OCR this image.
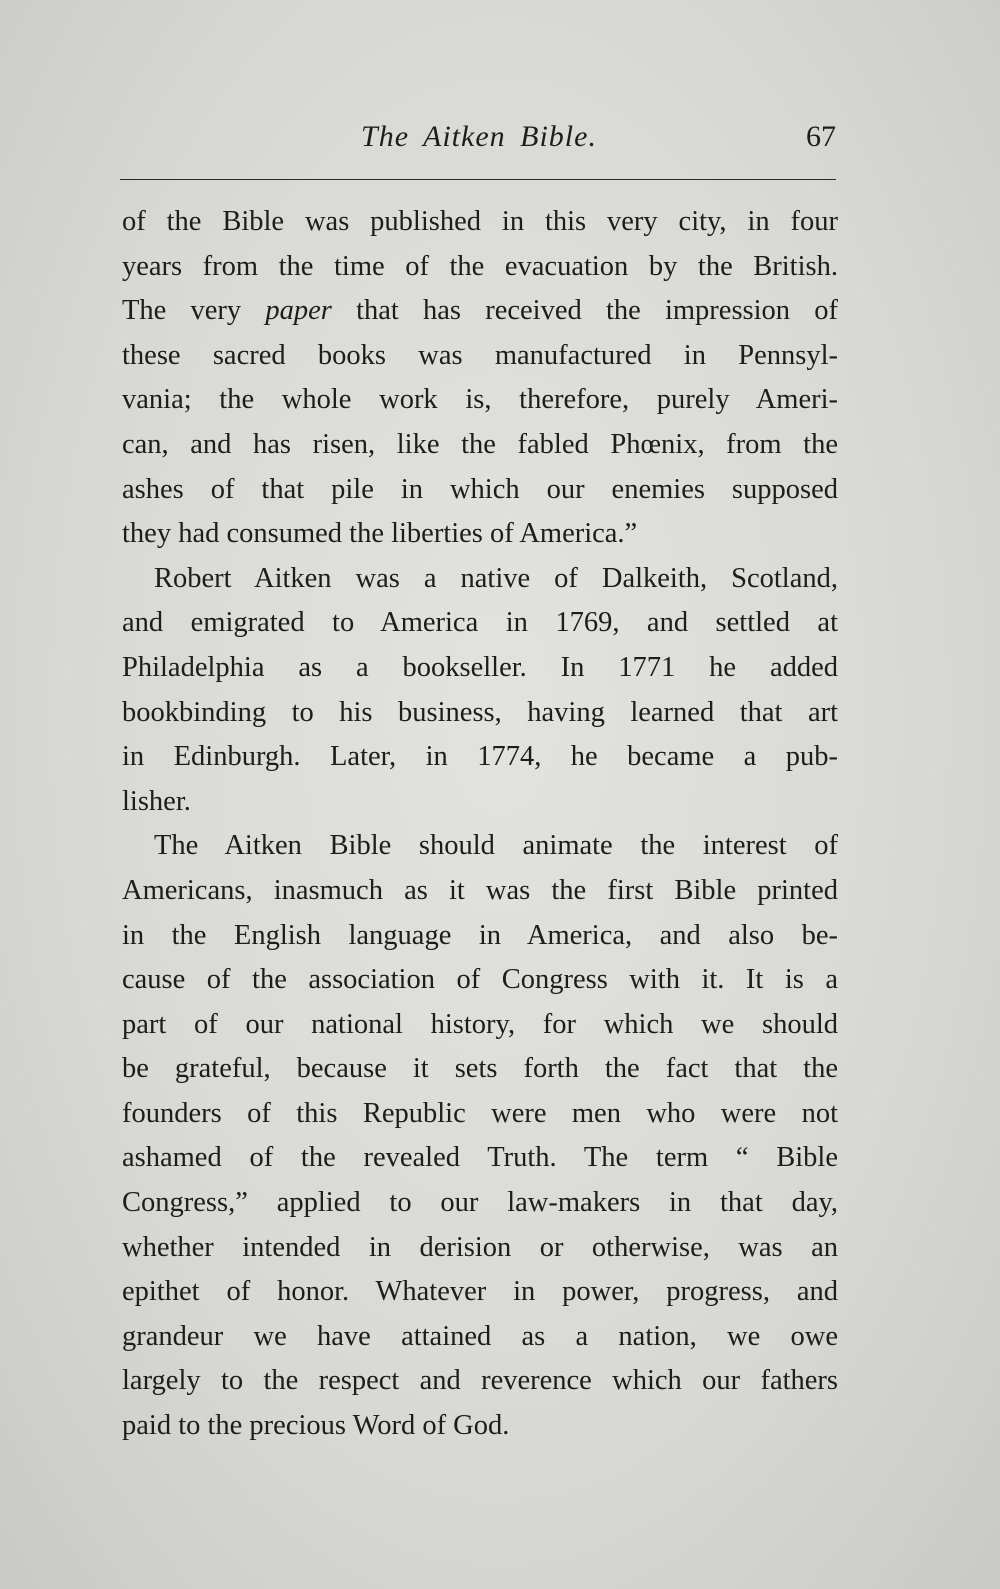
The Aitken Bible.	67

of the Bible was published in this very city, in four
years from the time of the evacuation by the British.
The very paper that has received the impression of
these sacred books was manufactured in Pennsyl-
vania; the whole work is, therefore, purely Ameri-
can, and has risen, like the fabled Phœnix, from the
ashes of that pile in which our enemies supposed
they had consumed the liberties of America.”

Robert Aitken was a native of Dalkeith, Scotland,
and emigrated to America in 1769, and settled at
Philadelphia as a bookseller. In 1771 he added
bookbinding to his business, having learned that art
in Edinburgh. Later, in 1774, he became a pub-
lisher.

The Aitken Bible should animate the interest of
Americans, inasmuch as it was the first Bible printed
in the English language in America, and also be-
cause of the association of Congress with it. It is a
part of our national history, for which we should
be grateful, because it sets forth the fact that the
founders of this Republic were men who were not
ashamed of the revealed Truth. The term “ Bible
Congress,” applied to our law-makers in that day,
whether intended in derision or otherwise, was an
epithet of honor. Whatever in power, progress, and
grandeur we have attained as a nation, we owe
largely to the respect and reverence which our fathers
paid to the precious Word of God.
